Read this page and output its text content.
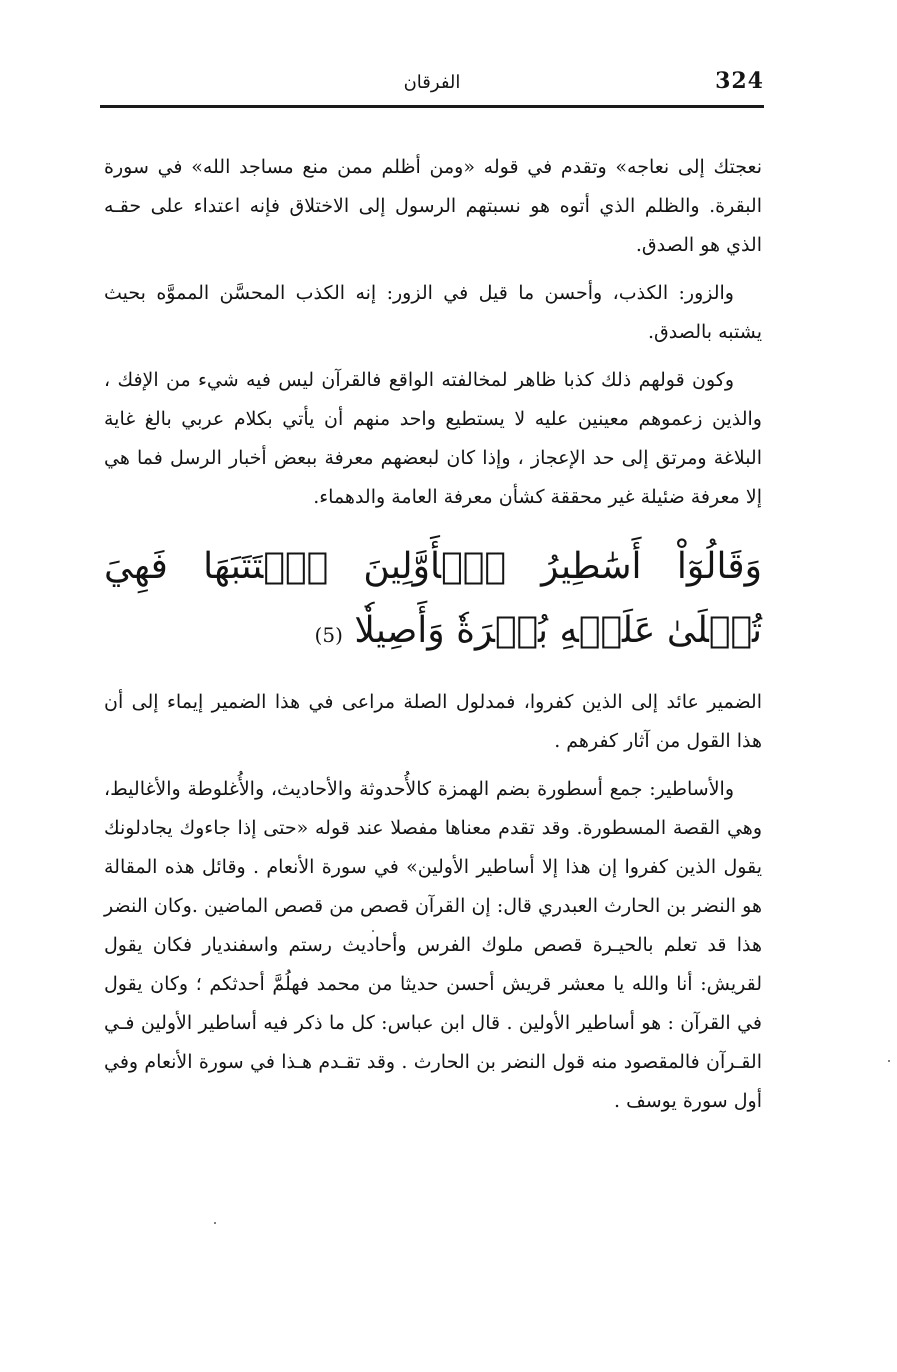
324
الفرقان

نعجتك إلى نعاجه» وتقدم في قوله «ومن أظلم ممن منع مساجد الله» في سورة البقرة. والظلم الذي أتوه هو نسبتهم الرسول إلى الاختلاق فإنه اعتداء على حقـه الذي هو الصدق.

والزور: الكذب، وأحسن ما قيل في الزور: إنه الكذب المحسَّن المموَّه بحيث يشتبه بالصدق.

وكون قولهم ذلك كذبا ظاهر لمخالفته الواقع فالقرآن ليس فيه شيء من الإفك ، والذين زعموهم معينين عليه لا يستطيع واحد منهم أن يأتي بكلام عربي بالغ غاية البلاغة ومرتق إلى حد الإعجاز ، وإذا كان لبعضهم معرفة ببعض أخبار الرسل فما هي إلا معرفة ضئيلة غير محققة كشأن معرفة العامة والدهماء.

وَقَالُوٓاْ أَسَٰطِيرُ ٱلۡأَوَّلِينَ ٱكۡتَتَبَهَا فَهِيَ تُمۡلَىٰ عَلَيۡهِ بُكۡرَةٗ وَأَصِيلٗا (5)

الضمير عائد إلى الذين كفروا، فمدلول الصلة مراعى في هذا الضمير إيماء إلى أن هذا القول من آثار كفرهم .

والأساطير: جمع أسطورة بضم الهمزة كالأُحدوثة والأحاديث، والأُغلوطة والأغاليط، وهي القصة المسطورة. وقد تقدم معناها مفصلا عند قوله «حتى إذا جاءوك يجادلونك يقول الذين كفروا إن هذا إلا أساطير الأولين» في سورة الأنعام . وقائل هذه المقالة هو النضر بن الحارث العبدري قال: إن القرآن قصص من قصص الماضين .وكان النضر هذا قد تعلم بالحيـرة قصص ملوك الفرس وأحاديث رستم واسفنديار فكان يقول لقريش: أنا والله يا معشر قريش أحسن حديثا من محمد فهلُمَّ أحدثكم ؛ وكان يقول في القرآن : هو أساطير الأولين . قال ابن عباس: كل ما ذكر فيه أساطير الأولين فـي القـرآن فالمقصود منه قول النضر بن الحارث . وقد تقـدم هـذا في سورة الأنعام وفي أول سورة يوسف .
